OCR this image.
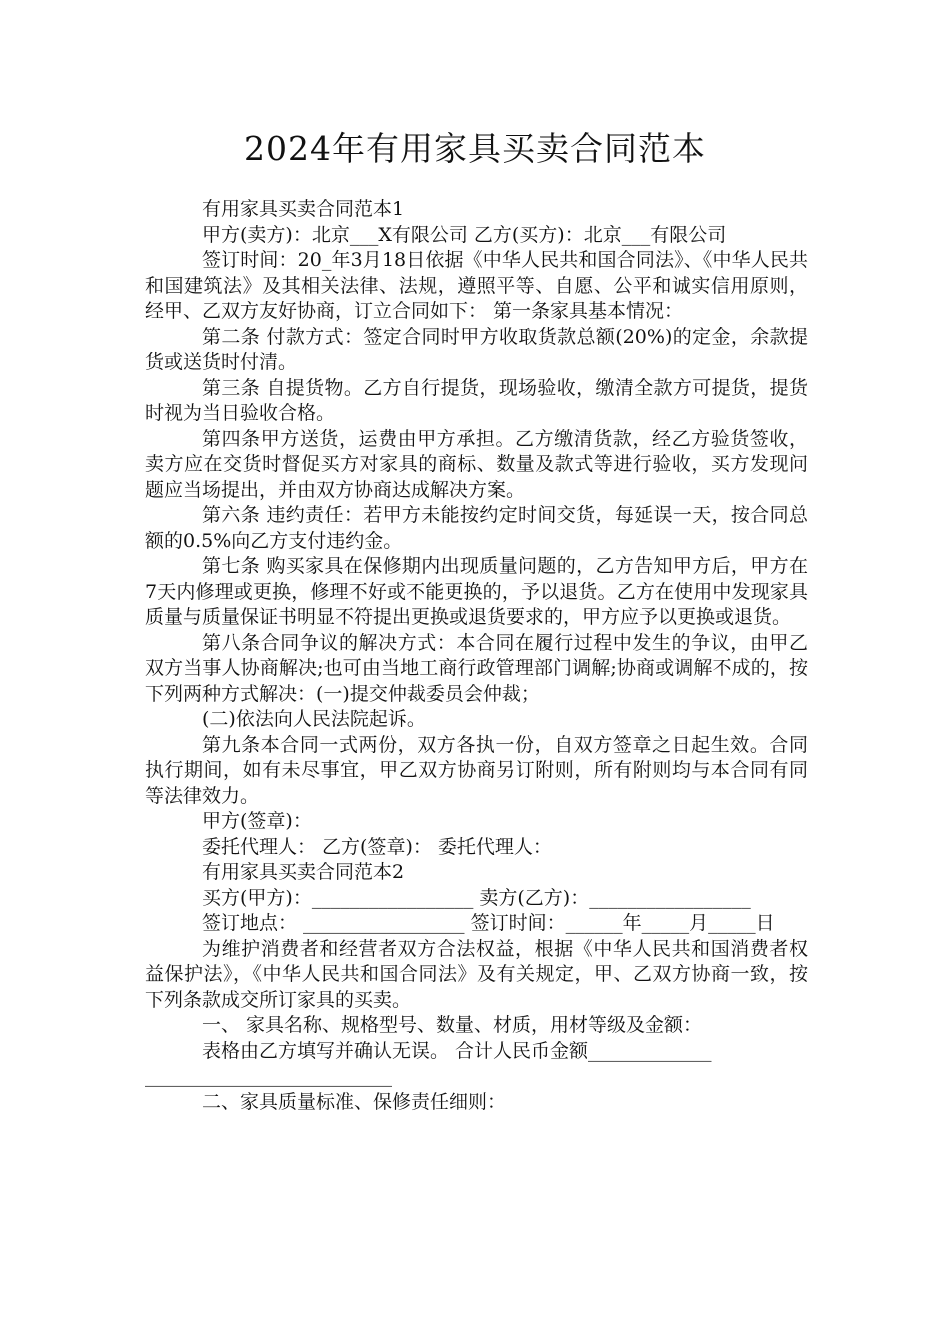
2024年有用家具买卖合同范本

有用家具买卖合同范本1

甲方(卖方)：北京___X有限公司 乙方(买方)：北京___有限公司

签订时间：20_年3月18日依据《中华人民共和国合同法》、《中华人民共和国建筑法》及其相关法律、法规，遵照平等、自愿、公平和诚实信用原则，经甲、乙双方友好协商，订立合同如下： 第一条家具基本情况：

第二条 付款方式：签定合同时甲方收取货款总额(20%)的定金，余款提货或送货时付清。

第三条 自提货物。乙方自行提货，现场验收，缴清全款方可提货，提货时视为当日验收合格。

第四条甲方送货，运费由甲方承担。乙方缴清货款，经乙方验货签收，卖方应在交货时督促买方对家具的商标、数量及款式等进行验收，买方发现问题应当场提出，并由双方协商达成解决方案。

第六条 违约责任：若甲方未能按约定时间交货，每延误一天，按合同总额的0.5%向乙方支付违约金。

第七条 购买家具在保修期内出现质量问题的，乙方告知甲方后，甲方在7天内修理或更换，修理不好或不能更换的，予以退货。乙方在使用中发现家具质量与质量保证书明显不符提出更换或退货要求的，甲方应予以更换或退货。

第八条合同争议的解决方式：本合同在履行过程中发生的争议，由甲乙双方当事人协商解决;也可由当地工商行政管理部门调解;协商或调解不成的，按下列两种方式解决：(一)提交仲裁委员会仲裁；

(二)依法向人民法院起诉。

第九条本合同一式两份，双方各执一份，自双方签章之日起生效。合同执行期间，如有未尽事宜，甲乙双方协商另订附则，所有附则均与本合同有同等法律效力。

甲方(签章)：

委托代理人： 乙方(签章)： 委托代理人：

有用家具买卖合同范本2

买方(甲方)：_________________ 卖方(乙方)：_________________

签订地点： _________________ 签订时间：______年_____月_____日

为维护消费者和经营者双方合法权益，根据《中华人民共和国消费者权益保护法》，《中华人民共和国合同法》及有关规定，甲、乙双方协商一致，按下列条款成交所订家具的买卖。

一、 家具名称、规格型号、数量、材质，用材等级及金额：

表格由乙方填写并确认无误。 合计人民币金额_____________

__________________________

二、家具质量标准、保修责任细则：
